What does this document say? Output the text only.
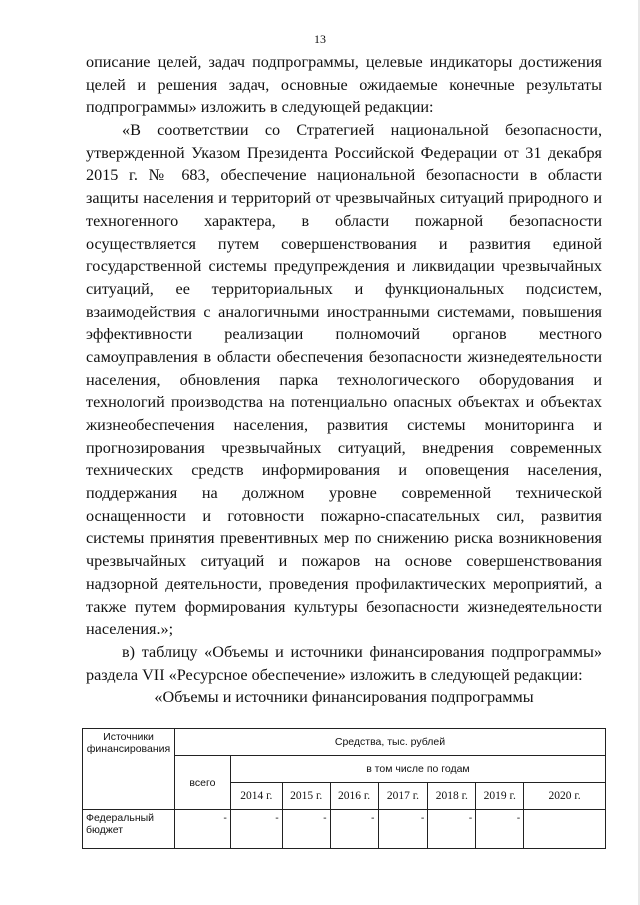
13
описание целей, задач подпрограммы, целевые индикаторы достижения
целей и решения задач, основные ожидаемые конечные результаты
подпрограммы» изложить в следующей редакции:
«В соответствии со Стратегией национальной безопасности,
утвержденной Указом Президента Российской Федерации от 31 декабря
2015 г. № 683, обеспечение национальной безопасности в области
защиты населения и территорий от чрезвычайных ситуаций природного и
техногенного характера, в области пожарной безопасности
осуществляется путем совершенствования и развития единой
государственной системы предупреждения и ликвидации чрезвычайных
ситуаций, ее территориальных и функциональных подсистем,
взаимодействия с аналогичными иностранными системами, повышения
эффективности реализации полномочий органов местного
самоуправления в области обеспечения безопасности жизнедеятельности
населения, обновления парка технологического оборудования и
технологий производства на потенциально опасных объектах и объектах
жизнеобеспечения населения, развития системы мониторинга и
прогнозирования чрезвычайных ситуаций, внедрения современных
технических средств информирования и оповещения населения,
поддержания на должном уровне современной технической
оснащенности и готовности пожарно-спасательных сил, развития
системы принятия превентивных мер по снижению риска возникновения
чрезвычайных ситуаций и пожаров на основе совершенствования
надзорной деятельности, проведения профилактических мероприятий, а
также путем формирования культуры безопасности жизнедеятельности
населения.»;
в) таблицу «Объемы и источники финансирования подпрограммы»
раздела VII «Ресурсное обеспечение» изложить в следующей редакции:
«Объемы и источники финансирования подпрограммы
Источники финансирования	Средства, тыс. рублей							
	всего	в том числе по годам						
		2014 г.	2015 г.	2016 г.	2017 г.	2018 г.	2019 г.	2020 г.
Федеральный бюджет	-	-	-	-	-	-	-	
